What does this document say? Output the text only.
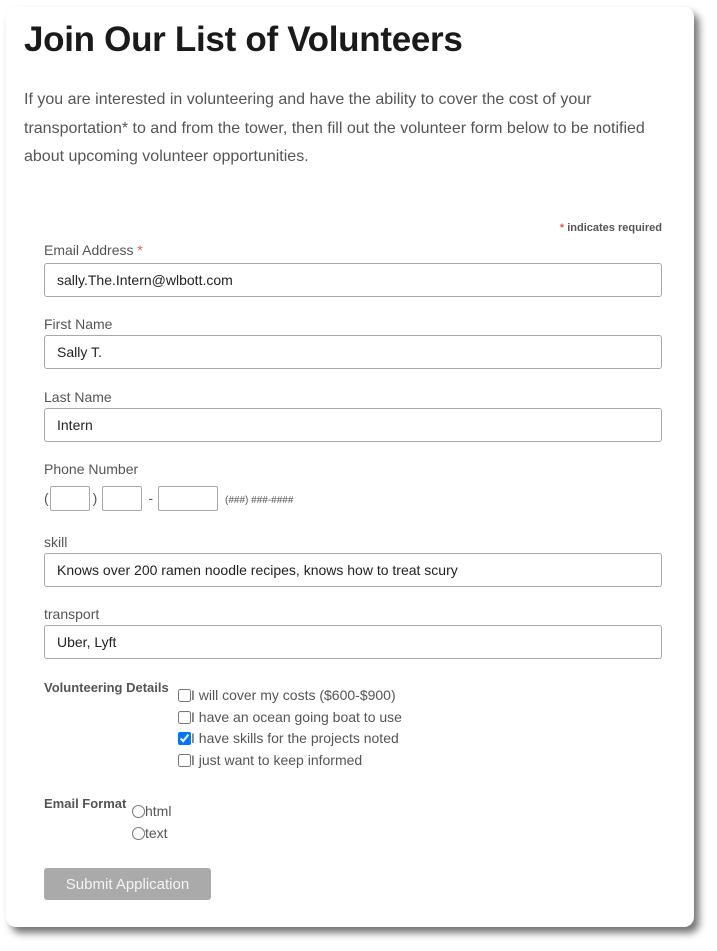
Join Our List of Volunteers

If you are interested in volunteering and have the ability to cover the cost of your transportation* to and from the tower, then fill out the volunteer form below to be notified about upcoming volunteer opportunities.

* indicates required
Email Address *
sally.The.Intern@wlbott.com
First Name
Sally T.
Last Name
Intern
Phone Number
(	)	-	(###) ###-####
skill
Knows over 200 ramen noodle recipes, knows how to treat scury
transport
Uber, Lyft
Volunteering Details I will cover my costs ($600-$900)
I have an ocean going boat to use
I have skills for the projects noted
I just want to keep informed
Email Format html
text
Submit Application
